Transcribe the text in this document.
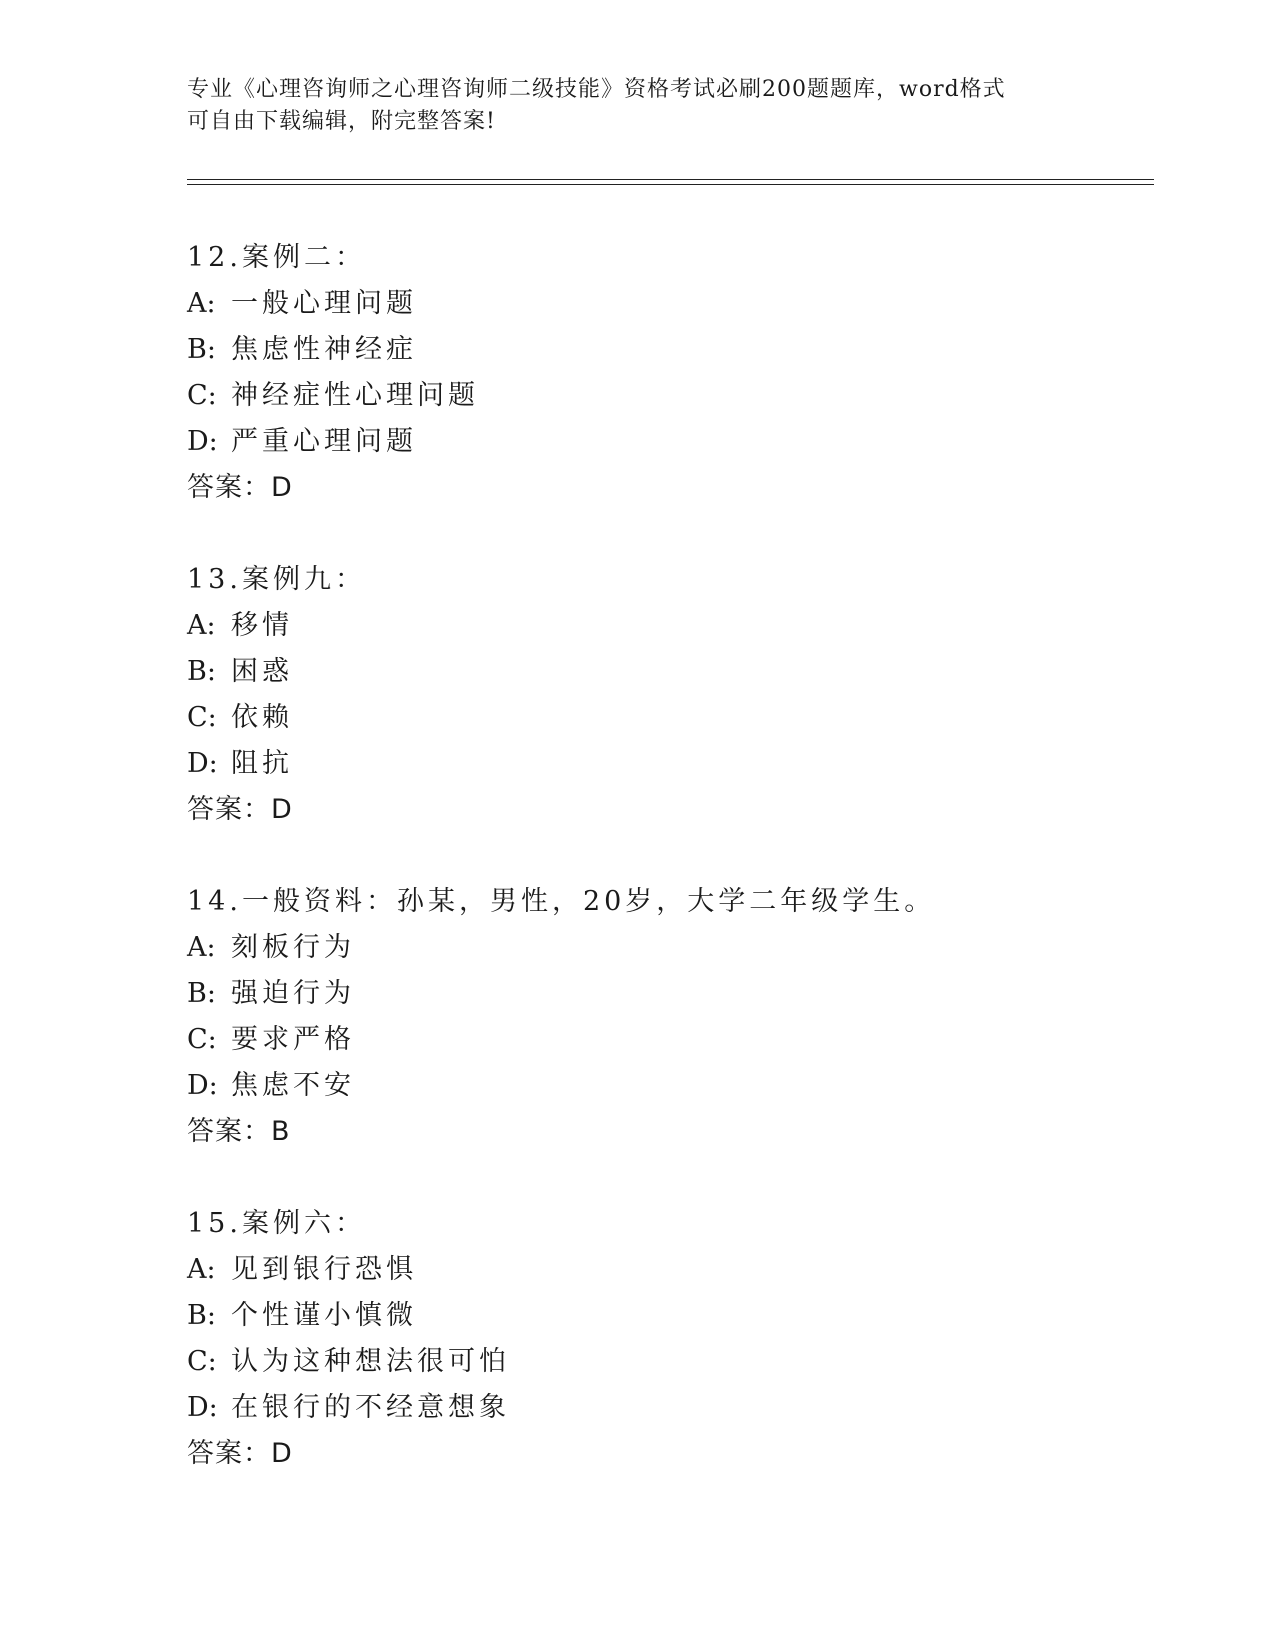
专业《心理咨询师之心理咨询师二级技能》资格考试必刷200题题库，word格式
可自由下载编辑，附完整答案!
12.案例二：
A: 一般心理问题
B: 焦虑性神经症
C: 神经症性心理问题
D: 严重心理问题
答案：D
13.案例九：
A: 移情
B: 困惑
C: 依赖
D: 阻抗
答案：D
14.一般资料：孙某，男性，20岁，大学二年级学生。
A: 刻板行为
B: 强迫行为
C: 要求严格
D: 焦虑不安
答案：B
15.案例六：
A: 见到银行恐惧
B: 个性谨小慎微
C: 认为这种想法很可怕
D: 在银行的不经意想象
答案：D
